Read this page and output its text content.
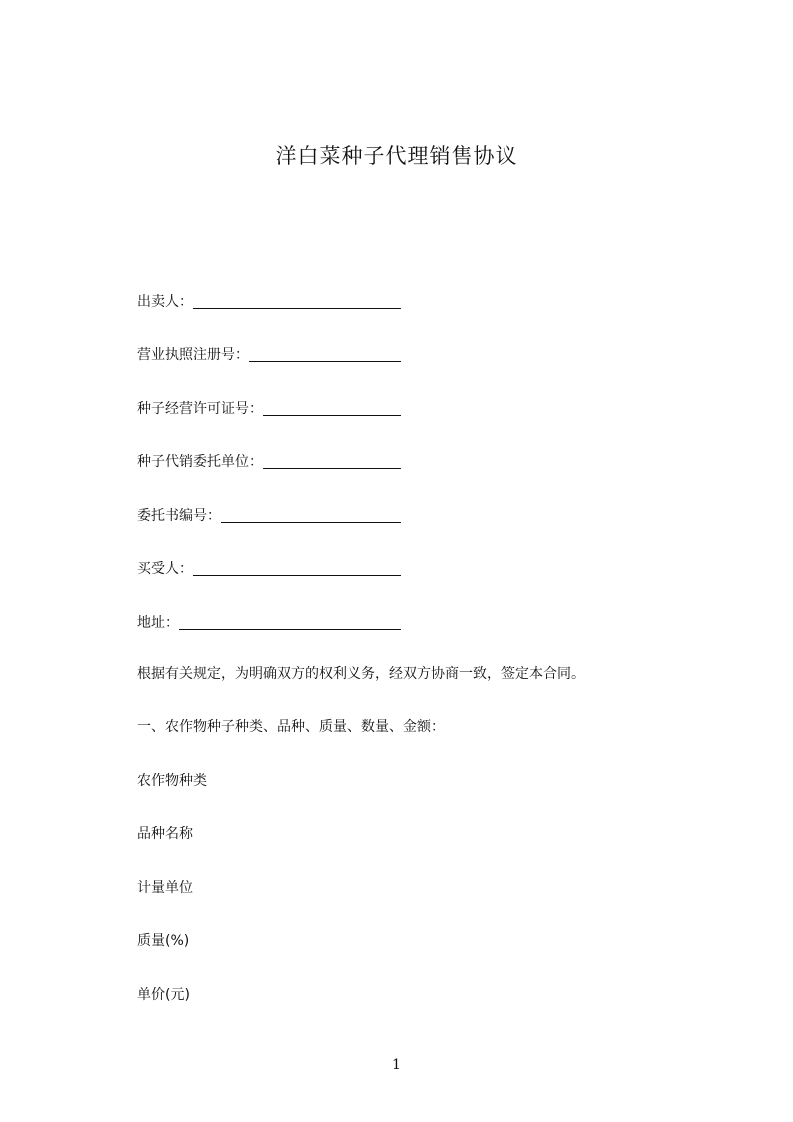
洋白菜种子代理销售协议
出卖人：
营业执照注册号：
种子经营许可证号：
种子代销委托单位：
委托书编号：
买受人：
地址：
根据有关规定，为明确双方的权利义务，经双方协商一致，签定本合同。
一、农作物种子种类、品种、质量、数量、金额：
农作物种类
品种名称
计量单位
质量(%)
单价(元)
1
